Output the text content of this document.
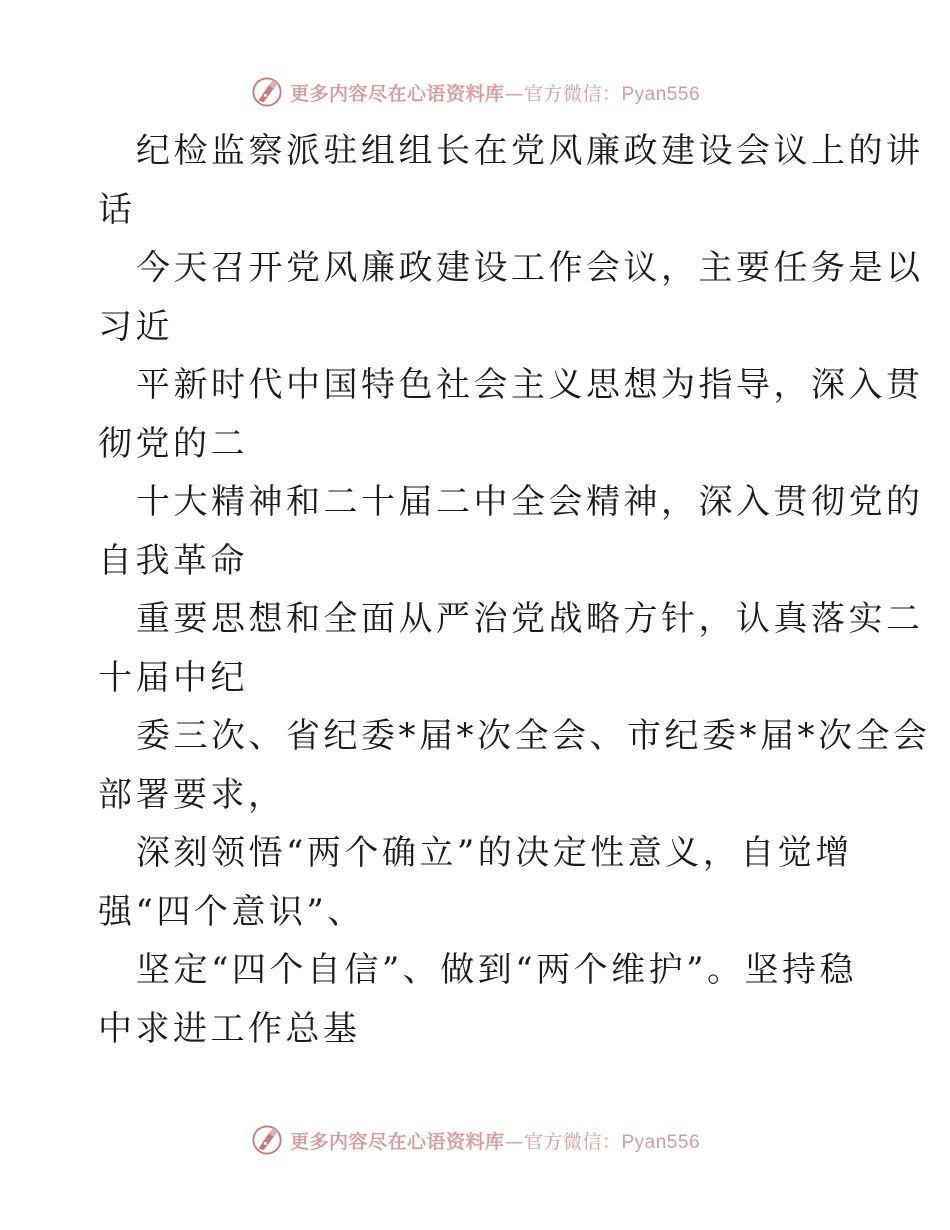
更多内容尽在心语资料库—官方微信：Pyan556
纪检监察派驻组组长在党风廉政建设会议上的讲
话
今天召开党风廉政建设工作会议，主要任务是以
习近
平新时代中国特色社会主义思想为指导，深入贯
彻党的二
十大精神和二十届二中全会精神，深入贯彻党的
自我革命
重要思想和全面从严治党战略方针，认真落实二
十届中纪
委三次、省纪委*届*次全会、市纪委*届*次全会
部署要求，
深刻领悟“两个确立”的决定性意义，自觉增
强“四个意识”、
坚定“四个自信”、做到“两个维护”。坚持稳
中求进工作总基
更多内容尽在心语资料库—官方微信：Pyan556
